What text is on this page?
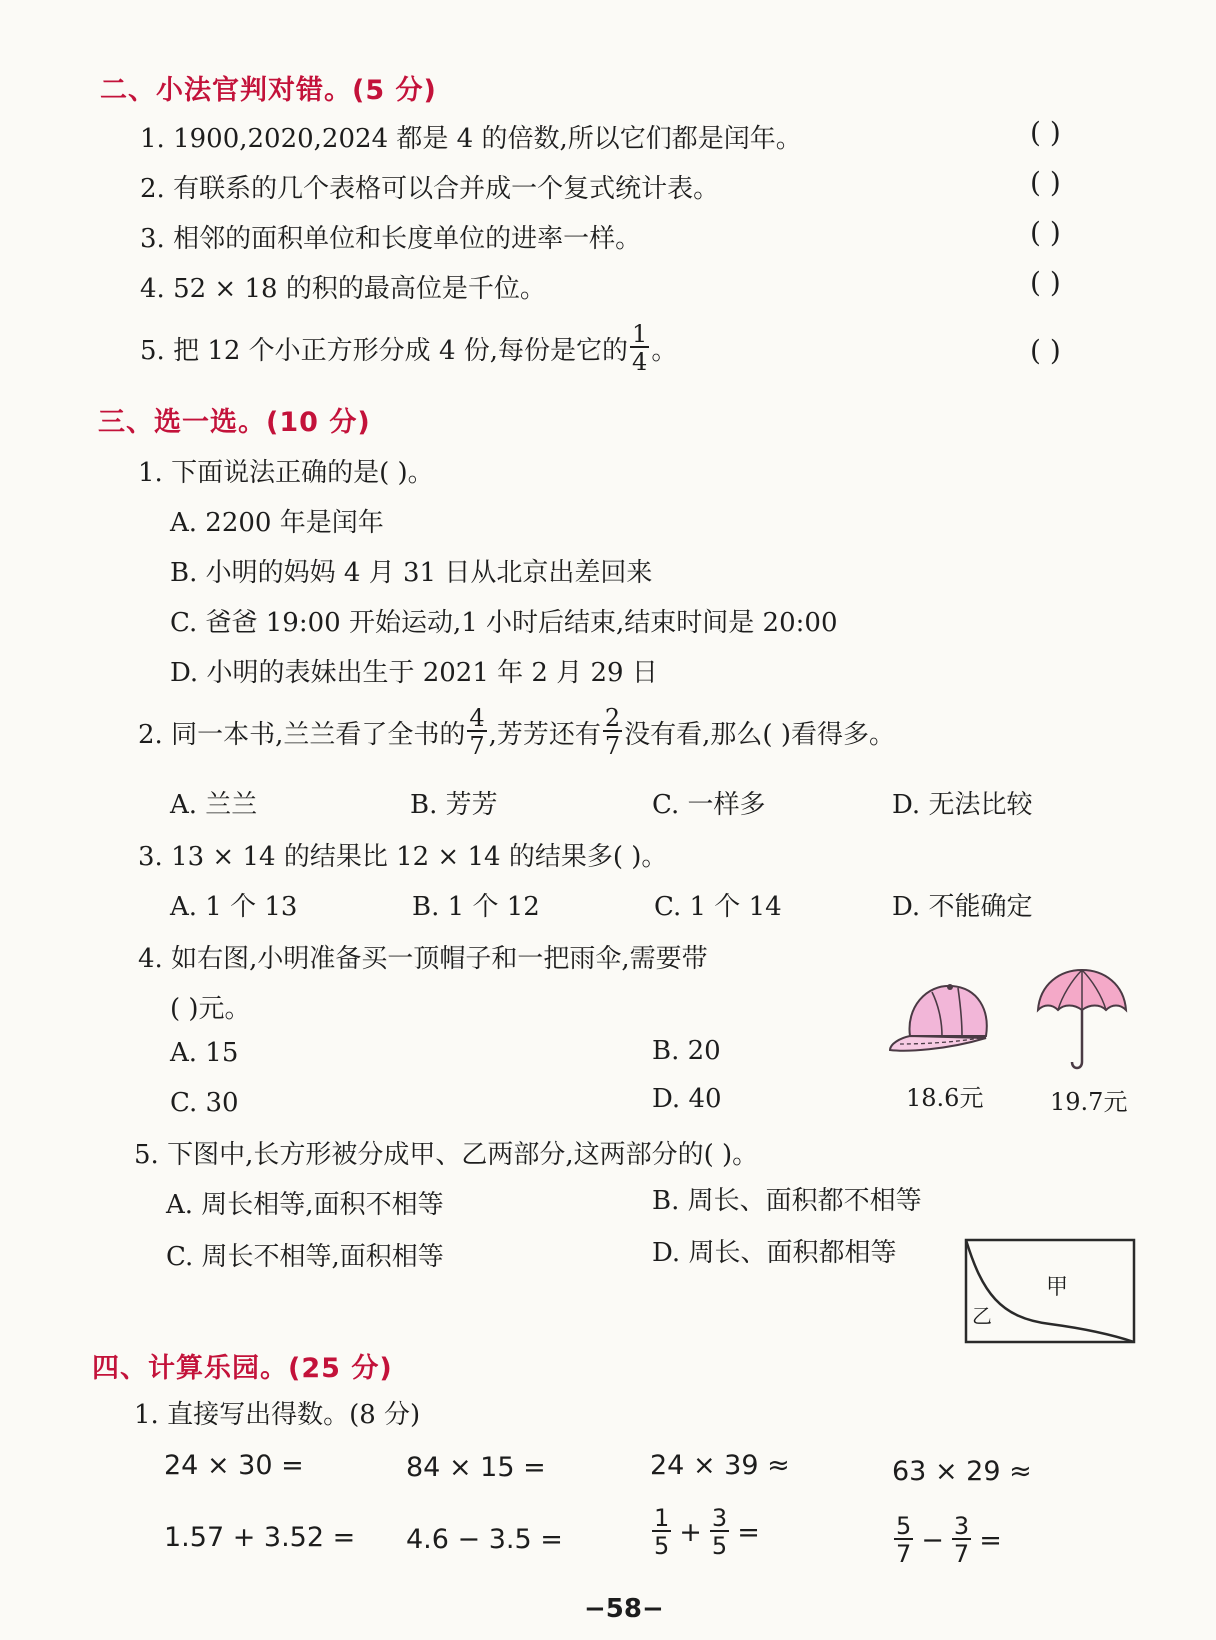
二、小法官判对错。(5 分)
1. 1900,2020,2024 都是 4 的倍数,所以它们都是闰年。	( )
2. 有联系的几个表格可以合并成一个复式统计表。	( )
3. 相邻的面积单位和长度单位的进率一样。	( )
4. 52 × 18 的积的最高位是千位。	( )
5. 把 12 个小正方形分成 4 份,每份是它的 $\frac{1}{4}$ 。	( )
三、选一选。(10 分)
1. 下面说法正确的是( )。
A. 2200 年是闰年
B. 小明的妈妈 4 月 31 日从北京出差回来
C. 爸爸 19:00 开始运动,1 小时后结束,结束时间是 20:00
D. 小明的表妹出生于 2021 年 2 月 29 日
2. 同一本书,兰兰看了全书的 $\frac{4}{7}$ ,芳芳还有 $\frac{2}{7}$ 没有看,那么( )看得多。
A. 兰兰	B. 芳芳	C. 一样多	D. 无法比较
3. 13 × 14 的结果比 12 × 14 的结果多( )。
A. 1 个 13	B. 1 个 12	C. 1 个 14	D. 不能确定
4. 如右图,小明准备买一顶帽子和一把雨伞,需要带
( )元。
A. 15	B. 20
C. 30	D. 40	18.6元	19.7元
5. 下图中,长方形被分成甲、乙两部分,这两部分的( )。
A. 周长相等,面积不相等	B. 周长、面积都不相等
C. 周长不相等,面积相等	D. 周长、面积都相等
甲
乙
四、计算乐园。(25 分)
1. 直接写出得数。(8 分)
24 × 30 =	84 × 15 =	24 × 39 ≈	63 × 29 ≈
1.57 + 3.52 = 4.6 − 3.5 =	$\frac{1}{5} + \frac{3}{5}$ =	$\frac{5}{7} - \frac{3}{7}$ =
−58−
